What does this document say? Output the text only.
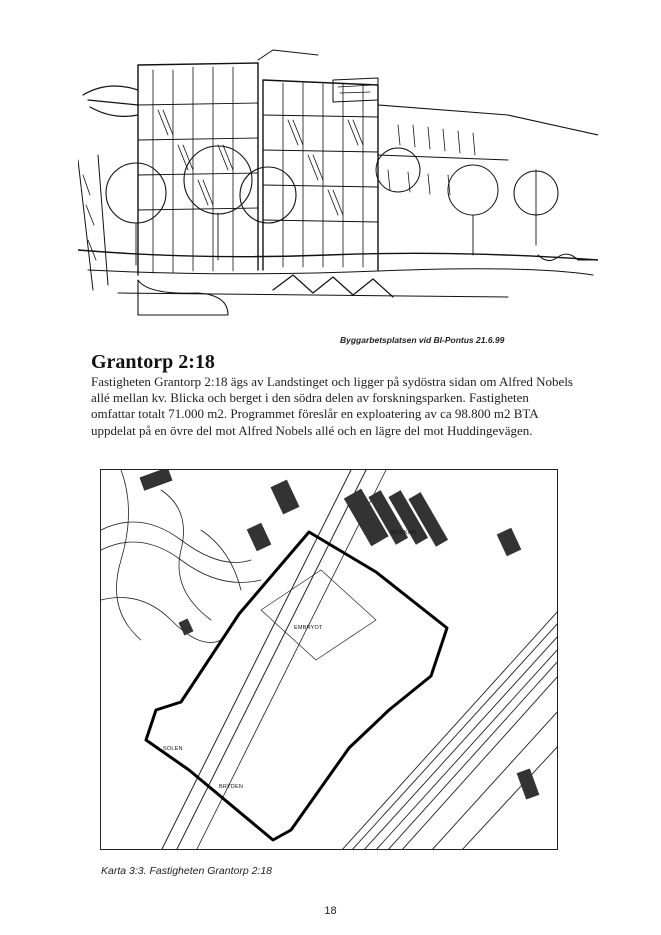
Byggarbetsplatsen vid BI-Pontus 21.6.99
Grantorp 2:18

Fastigheten Grantorp 2:18 ägs av Landstinget och ligger på sydöstra sidan om Alfred Nobels allé mellan kv. Blicka och berget i den södra delen av forskningsparken. Fastigheten omfattar totalt 71.000 m2. Programmet föreslår en exploatering av ca 98.800 m2 BTA uppdelat på en övre del mot Alfred Nobels allé och en lägre del mot Huddingevägen.

EMBRYOT
BLICKAN
SOLEN
BRYDEN
Karta 3:3. Fastigheten Grantorp 2:18
18
